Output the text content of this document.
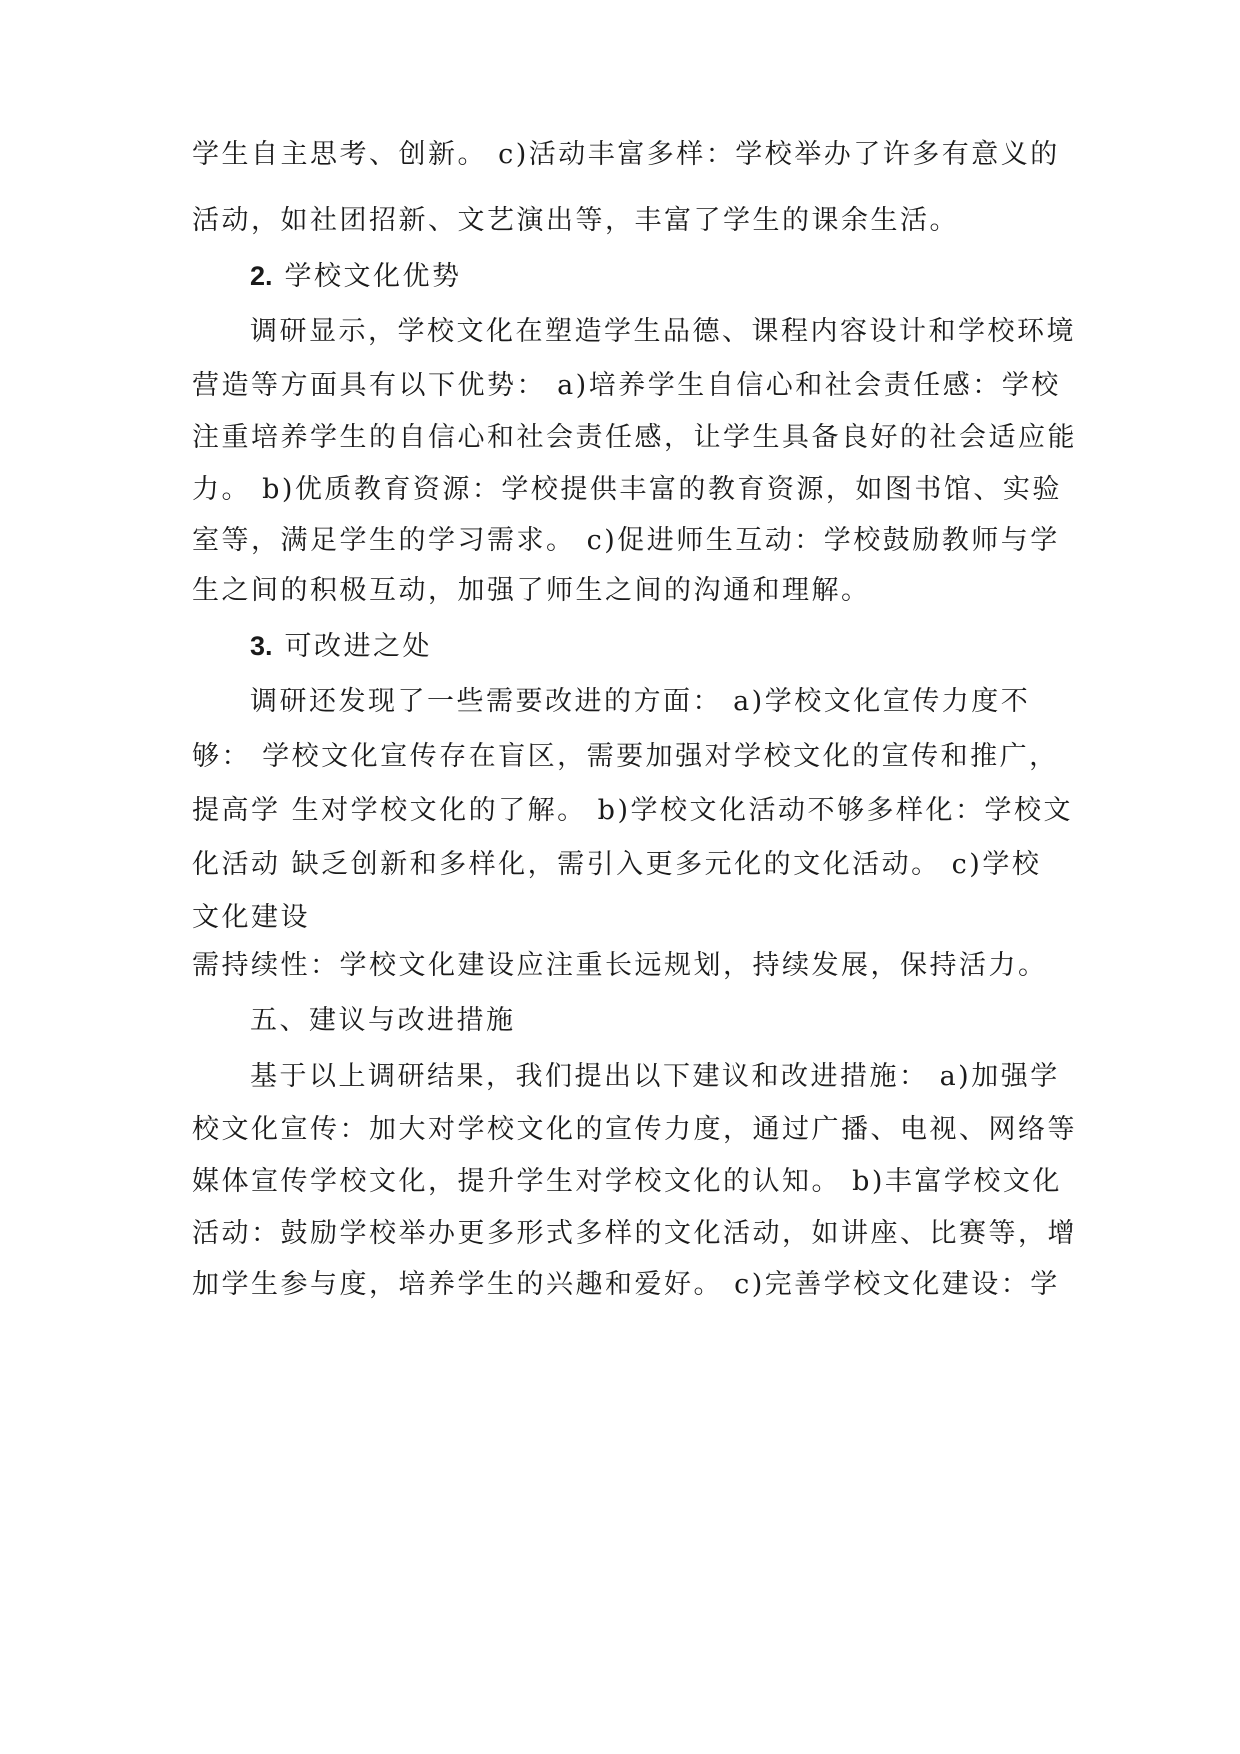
学生自主思考、创新。 c)活动丰富多样：学校举办了许多有意义的
活动，如社团招新、文艺演出等，丰富了学生的课余生活。
2. 学校文化优势
调研显示，学校文化在塑造学生品德、课程内容设计和学校环境
营造等方面具有以下优势： a)培养学生自信心和社会责任感：学校
注重培养学生的自信心和社会责任感，让学生具备良好的社会适应能
力。 b)优质教育资源：学校提供丰富的教育资源，如图书馆、实验
室等，满足学生的学习需求。 c)促进师生互动：学校鼓励教师与学
生之间的积极互动，加强了师生之间的沟通和理解。
3. 可改进之处
调研还发现了一些需要改进的方面： a)学校文化宣传力度不
够： 学校文化宣传存在盲区，需要加强对学校文化的宣传和推广，
提高学 生对学校文化的了解。 b)学校文化活动不够多样化：学校文
化活动 缺乏创新和多样化，需引入更多元化的文化活动。 c)学校
文化建设
需持续性：学校文化建设应注重长远规划，持续发展，保持活力。
五、建议与改进措施
基于以上调研结果，我们提出以下建议和改进措施： a)加强学
校文化宣传：加大对学校文化的宣传力度，通过广播、电视、网络等
媒体宣传学校文化，提升学生对学校文化的认知。 b)丰富学校文化
活动：鼓励学校举办更多形式多样的文化活动，如讲座、比赛等，增
加学生参与度，培养学生的兴趣和爱好。 c)完善学校文化建设：学
